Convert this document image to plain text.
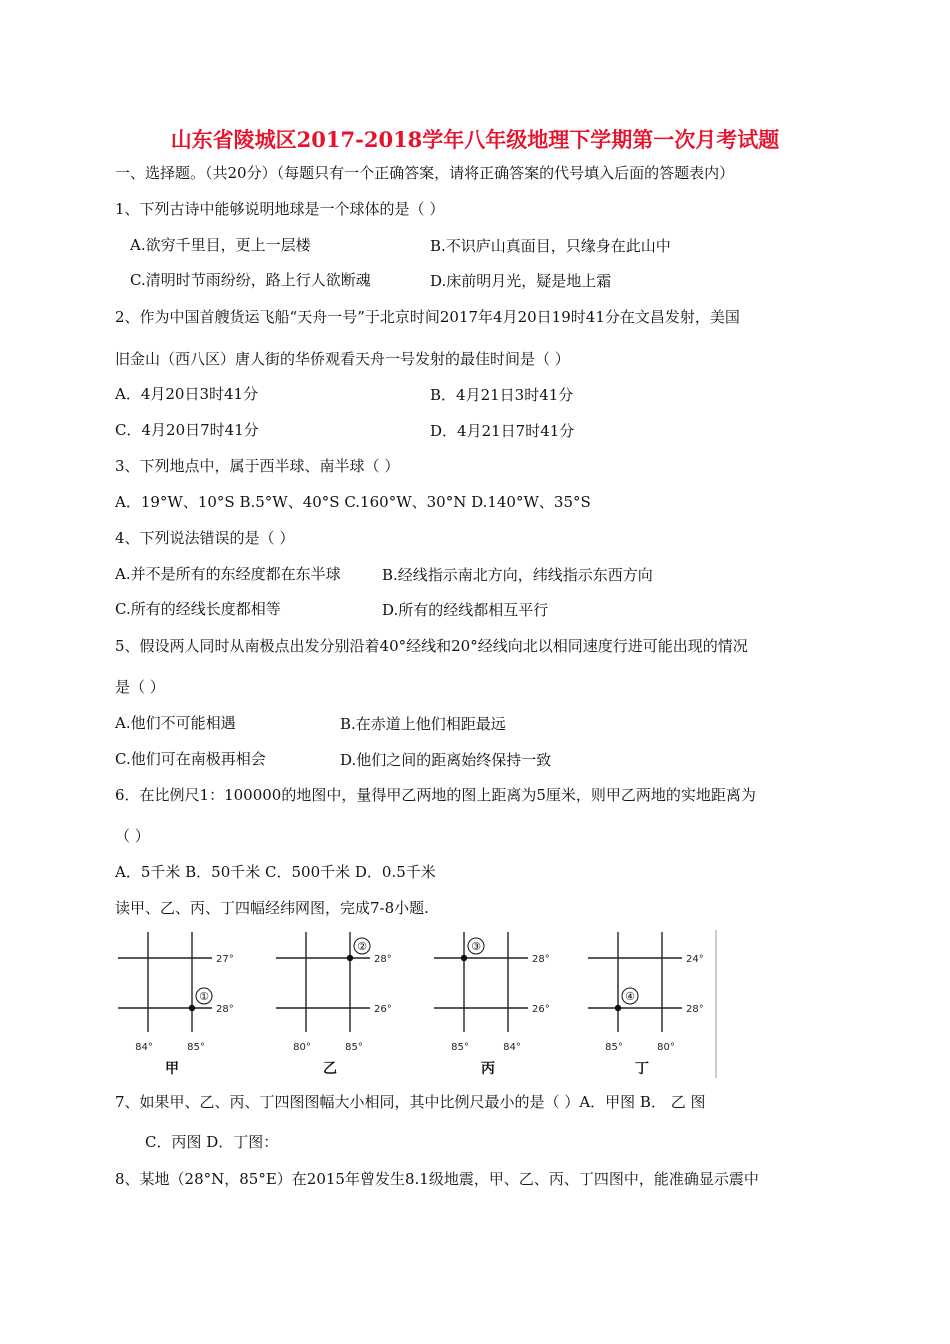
山东省陵城区2017-2018学年八年级地理下学期第一次月考试题
一、选择题。（共20分）（每题只有一个正确答案，请将正确答案的代号填入后面的答题表内）
1、下列古诗中能够说明地球是一个球体的是（ ）
A.欲穷千里目，更上一层楼	B.不识庐山真面目，只缘身在此山中
C.清明时节雨纷纷，路上行人欲断魂	D.床前明月光，疑是地上霜
2、作为中国首艘货运飞船“天舟一号”于北京时间2017年4月20日19时41分在文昌发射，美国
旧金山（西八区）唐人街的华侨观看天舟一号发射的最佳时间是（ ）
A．4月20日3时41分	B．4月21日3时41分
C．4月20日7时41分	D．4月21日7时41分
3、下列地点中，属于西半球、南半球（ ）
A．19°W、10°S B.5°W、40°S C.160°W、30°N D.140°W、35°S
4、下列说法错误的是（ ）
A.并不是所有的东经度都在东半球	B.经线指示南北方向，纬线指示东西方向
C.所有的经线长度都相等	D.所有的经线都相互平行
5、假设两人同时从南极点出发分别沿着40°经线和20°经线向北以相同速度行进可能出现的情况
是（ ）
A.他们不可能相遇	B.在赤道上他们相距最远
C.他们可在南极再相会	D.他们之间的距离始终保持一致
6．在比例尺1：100000的地图中，量得甲乙两地的图上距离为5厘米，则甲乙两地的实地距离为
（ ）
A．5千米 B．50千米 C．500千米 D．0.5千米
读甲、乙、丙、丁四幅经纬网图，完成7-8小题.
27°
28°
84°	85°
甲
①
28°
26°
80°	85°
乙
②
28°
26°
85°	84°
丙
③
24°
28°
85°	80°
丁
④
7、如果甲、乙、丙、丁四图图幅大小相同，其中比例尺最小的是（ ）A．甲图 B． 乙 图
C．丙图 D．丁图：
8、某地（28°N，85°E）在2015年曾发生8.1级地震，甲、乙、丙、丁四图中，能准确显示震中
